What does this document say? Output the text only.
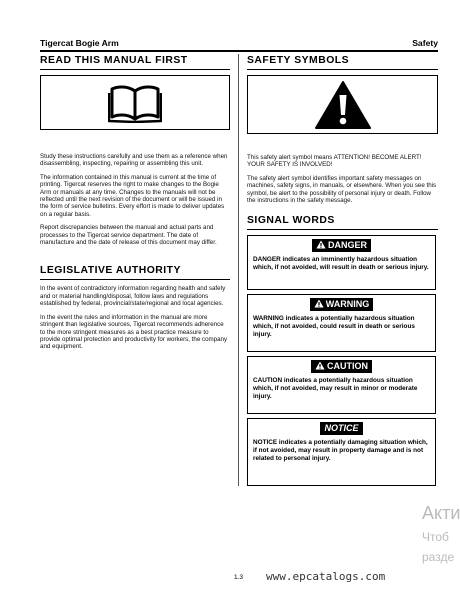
Tigercat Bogie Arm	Safety
READ THIS MANUAL FIRST

Study these instructions carefully and use them as a reference when disassembling, inspecting, repairing or assembling this unit.

The information contained in this manual is current at the time of printing. Tigercat reserves the right to make changes to the Bogie Arm or manuals at any time. Changes to the manuals will not be reflected until the next revision of the document or will be issued in the form of service bulletins. Every effort is made to deliver updates on a regular basis.

Report discrepancies between the manual and actual parts and processes to the Tigercat service department. The date of manufacture and the date of release of this document may differ.

LEGISLATIVE AUTHORITY

In the event of contradictory information regarding health and safety and or material handling/disposal, follow laws and regulations established by federal, provincial/state/regional and local agencies.

In the event the rules and information in the manual are more stringent than legislative sources, Tigercat recommends adherence to the more stringent measures as a best practice measure to provide optimal protection and productivity for workers, the company and equipment.

SAFETY SYMBOLS

This safety alert symbol means ATTENTION! BECOME ALERT! YOUR SAFETY IS INVOLVED!

The safety alert symbol identifies important safety messages on machines, safety signs, in manuals, or elsewhere. When you see this symbol, be alert to the possibility of personal injury or death. Follow the instructions in the safety message.

SIGNAL WORDS
DANGER
DANGER indicates an imminently hazardous situation which, if not avoided, will result in death or serious injury.
WARNING
WARNING indicates a potentially hazardous situation which, if not avoided, could result in death or serious injury.
CAUTION
CAUTION indicates a potentially hazardous situation which, if not avoided, may result in minor or moderate injury.
NOTICE
NOTICE indicates a potentially damaging situation which, if not avoided, may result in property damage and is not related to personal injury.
1.3 www.epcatalogs.com
Акти
Чтоб
разде
